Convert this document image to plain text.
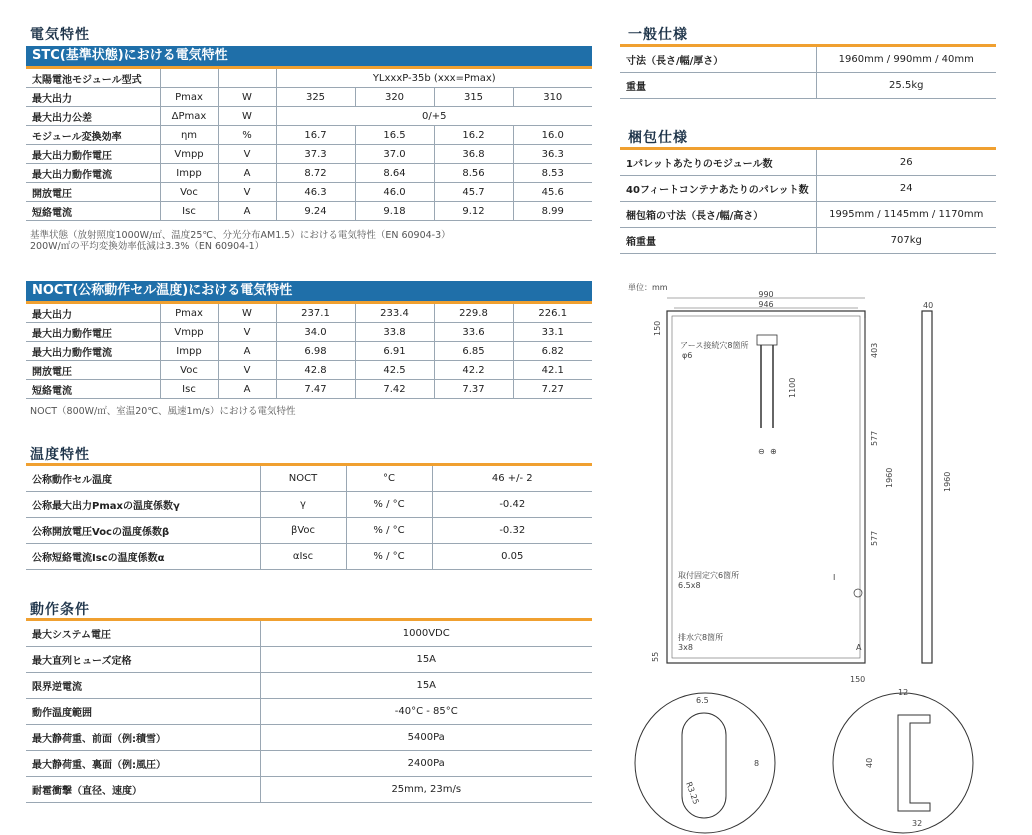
電気特性
STC(基準状態)における電気特性
太陽電池モジュール型式			YLxxxP-35b (xxx=Pmax)			
最大出力	Pmax	W	325	320	315	310
最大出力公差	ΔPmax	W	0/+5			
モジュール変換効率	ηm	%	16.7	16.5	16.2	16.0
最大出力動作電圧	Vmpp	V	37.3	37.0	36.8	36.3
最大出力動作電流	Impp	A	8.72	8.64	8.56	8.53
開放電圧	Voc	V	46.3	46.0	45.7	45.6
短絡電流	Isc	A	9.24	9.18	9.12	8.99
基準状態（放射照度1000W/㎡、温度25℃、分光分布AM1.5）における電気特性（EN 60904-3）
200W/㎡の平均変換効率低減は3.3%（EN 60904-1）
NOCT(公称動作セル温度)における電気特性
最大出力	Pmax	W	237.1	233.4	229.8	226.1
最大出力動作電圧	Vmpp	V	34.0	33.8	33.6	33.1
最大出力動作電流	Impp	A	6.98	6.91	6.85	6.82
開放電圧	Voc	V	42.8	42.5	42.2	42.1
短絡電流	Isc	A	7.47	7.42	7.37	7.27
NOCT（800W/㎡、室温20℃、風速1m/s）における電気特性
温度特性
公称動作セル温度	NOCT	°C	46 +/- 2
公称最大出力Pmaxの温度係数γ	γ	% / °C	-0.42
公称開放電圧Vocの温度係数β	βVoc	% / °C	-0.32
公称短絡電流Iscの温度係数α	αIsc	% / °C	0.05
動作条件
最大システム電圧	1000VDC
最大直列ヒューズ定格	15A
限界逆電流	15A
動作温度範囲	-40°C - 85°C
最大静荷重、前面（例:積雪）	5400Pa
最大静荷重、裏面（例:風圧）	2400Pa
耐雹衝撃（直径、速度）	25mm, 23m/s
一般仕様
寸法（長さ/幅/厚さ）	1960mm / 990mm / 40mm
重量	25.5kg
梱包仕様
1パレットあたりのモジュール数	26
40フィートコンテナあたりのパレット数	24
梱包箱の寸法（長さ/幅/高さ）	1995mm / 1145mm / 1170mm
箱重量	707kg
単位：mm
990
946
150
⊖ ⊕
アース接続穴8箇所
φ6
1100
403
577
577
1960
取付固定穴6箇所
6.5x8
I
排水穴8箇所
3x8
55
150
A
40
1960
6.5
8
R3.25
12
40
32
